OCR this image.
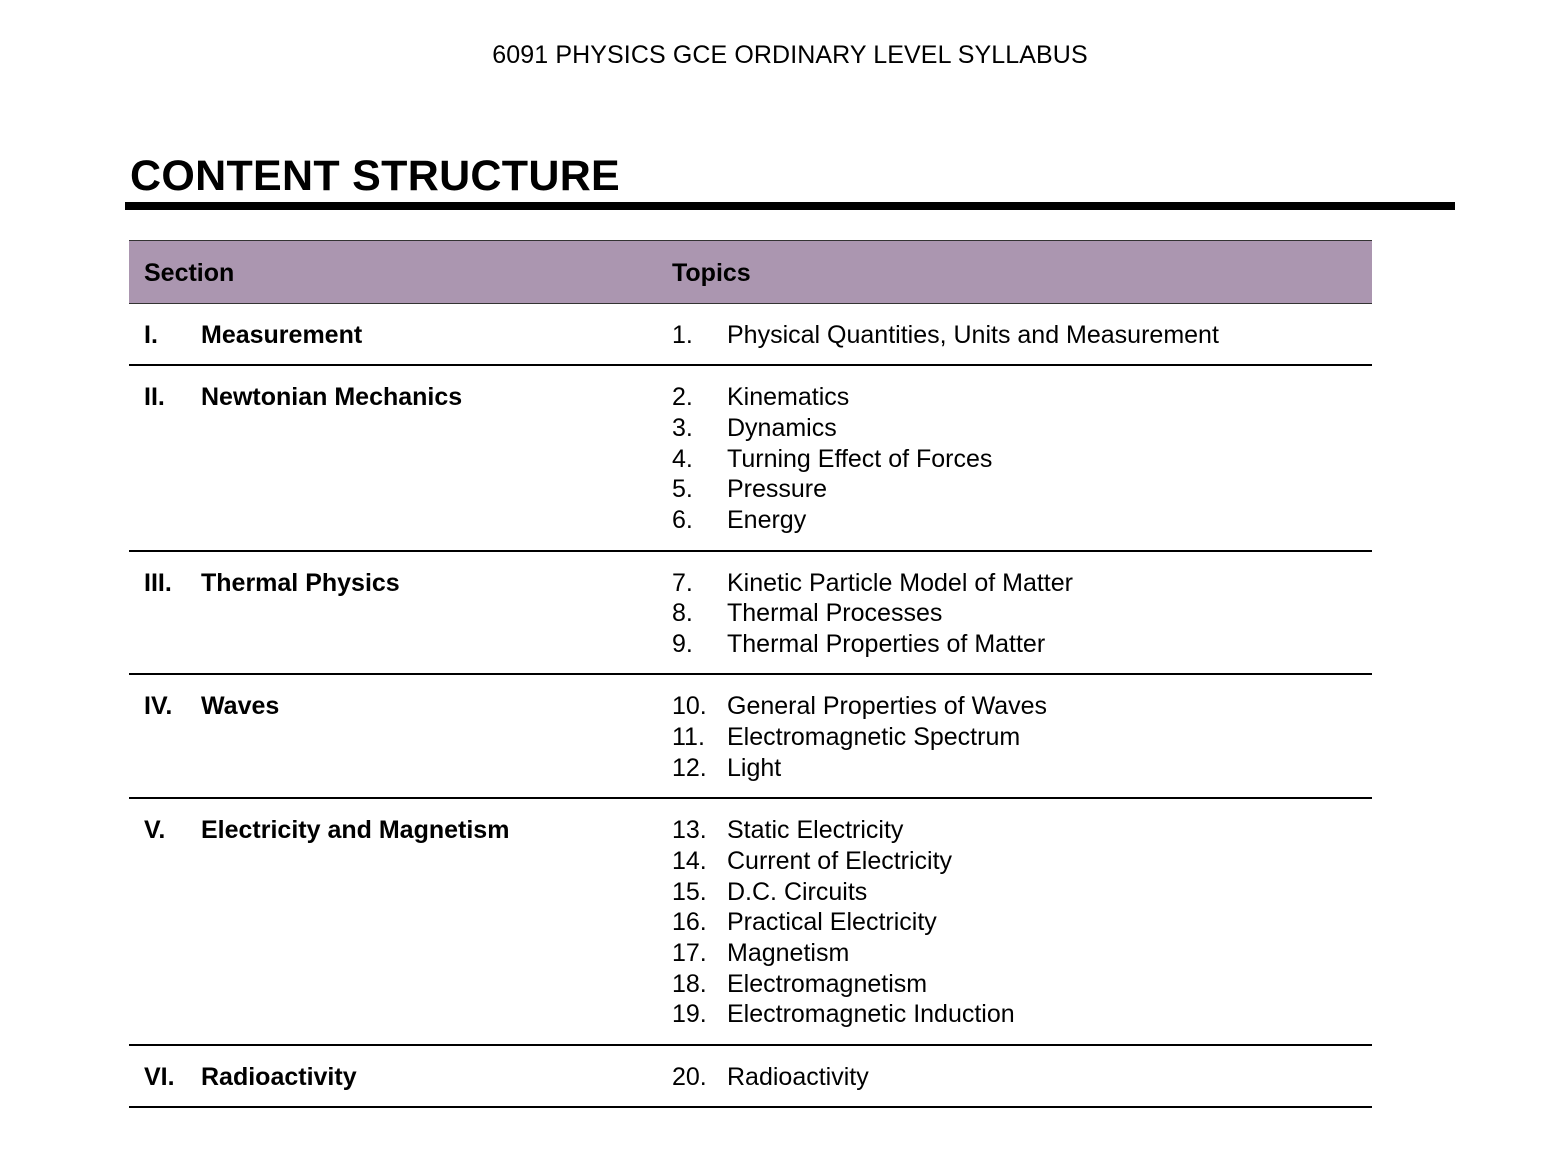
6091 PHYSICS GCE ORDINARY LEVEL SYLLABUS
CONTENT STRUCTURE
Section	Topics
I. Measurement	1. Physical Quantities, Units and Measurement
II. Newtonian Mechanics	2. Kinematics
3. Dynamics
4. Turning Effect of Forces
5. Pressure
6. Energy
III. Thermal Physics	7. Kinetic Particle Model of Matter
8. Thermal Processes
9. Thermal Properties of Matter
IV. Waves	10. General Properties of Waves
11. Electromagnetic Spectrum
12. Light
V. Electricity and Magnetism	13. Static Electricity
14. Current of Electricity
15. D.C. Circuits
16. Practical Electricity
17. Magnetism
18. Electromagnetism
19. Electromagnetic Induction
VI. Radioactivity	20. Radioactivity
